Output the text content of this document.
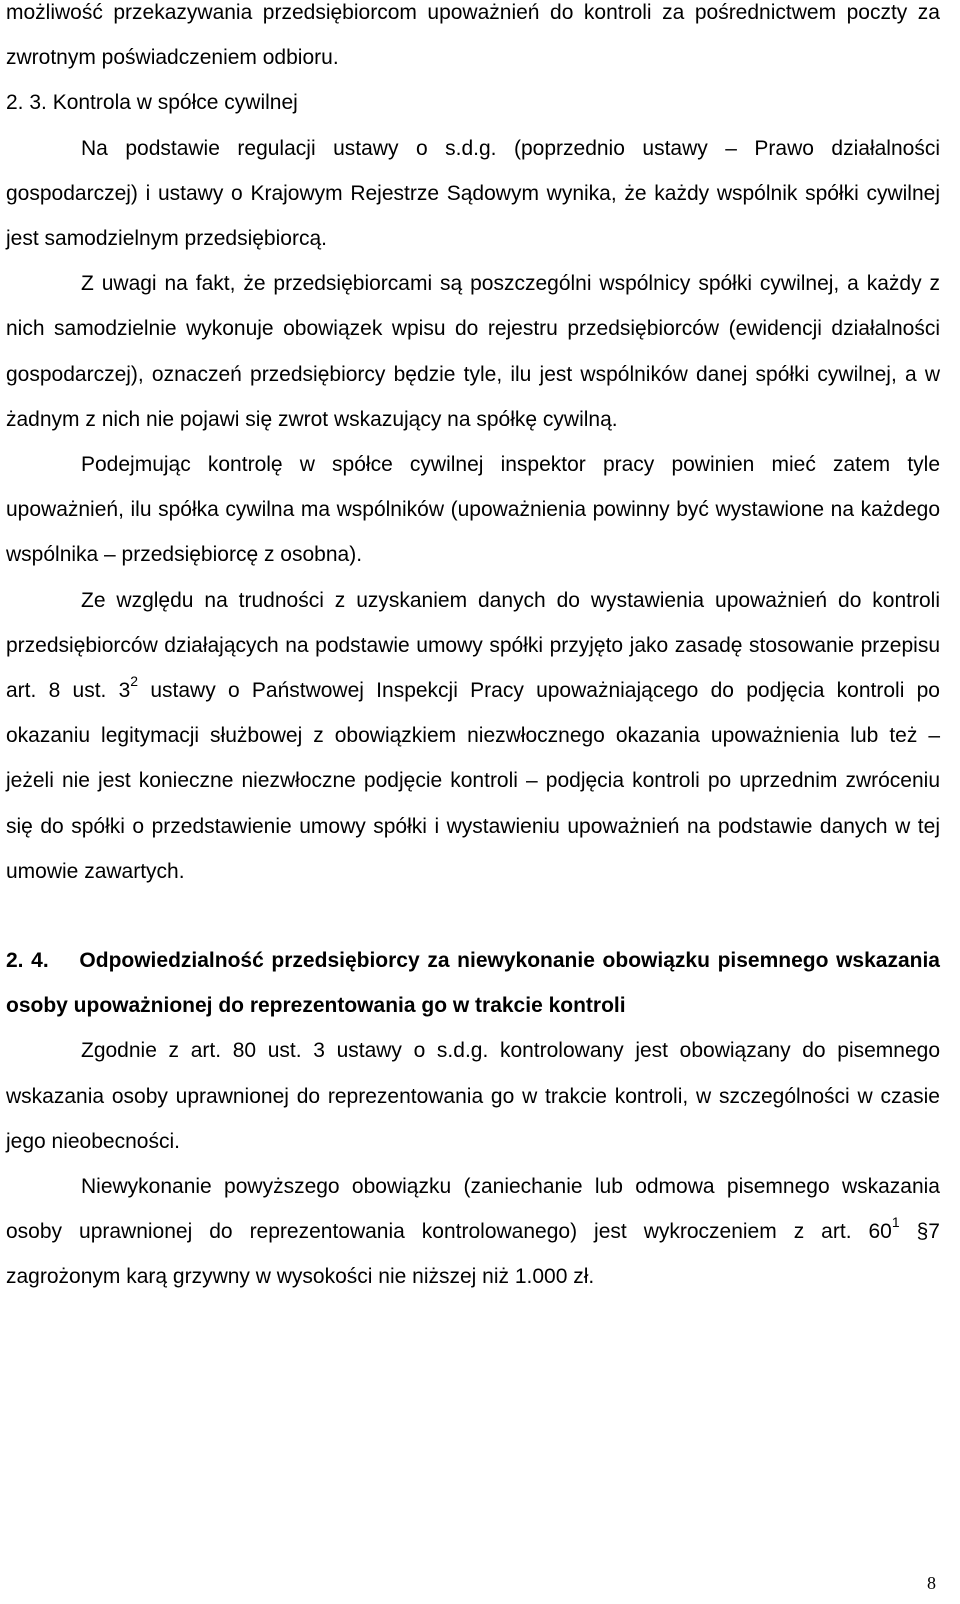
możliwość przekazywania przedsiębiorcom upoważnień do kontroli za pośrednictwem poczty za zwrotnym poświadczeniem odbioru.

2. 3. Kontrola w spółce cywilnej

Na podstawie regulacji ustawy o s.d.g. (poprzednio ustawy – Prawo działalności gospodarczej) i ustawy o Krajowym Rejestrze Sądowym wynika, że każdy wspólnik spółki cywilnej jest samodzielnym przedsiębiorcą.

Z uwagi na fakt, że przedsiębiorcami są poszczególni wspólnicy spółki cywilnej, a każdy z nich samodzielnie wykonuje obowiązek wpisu do rejestru przedsiębiorców (ewidencji działalności gospodarczej), oznaczeń przedsiębiorcy będzie tyle, ilu jest wspólników danej spółki cywilnej, a w żadnym z nich nie pojawi się zwrot wskazujący na spółkę cywilną.

Podejmując kontrolę w spółce cywilnej inspektor pracy powinien mieć zatem tyle upoważnień, ilu spółka cywilna ma wspólników (upoważnienia powinny być wystawione na każdego wspólnika – przedsiębiorcę z osobna).

Ze względu na trudności z uzyskaniem danych do wystawienia upoważnień do kontroli przedsiębiorców działających na podstawie umowy spółki przyjęto jako zasadę stosowanie przepisu art. 8 ust. $3^2$ ustawy o Państwowej Inspekcji Pracy upoważniającego do podjęcia kontroli po okazaniu legitymacji służbowej z obowiązkiem niezwłocznego okazania upoważnienia lub też – jeżeli nie jest konieczne niezwłoczne podjęcie kontroli – podjęcia kontroli po uprzednim zwróceniu się do spółki o przedstawienie umowy spółki i wystawieniu upoważnień na podstawie danych w tej umowie zawartych.

2. 4. Odpowiedzialność przedsiębiorcy za niewykonanie obowiązku pisemnego wskazania osoby upoważnionej do reprezentowania go w trakcie kontroli

Zgodnie z art. 80 ust. 3 ustawy o s.d.g. kontrolowany jest obowiązany do pisemnego wskazania osoby uprawnionej do reprezentowania go w trakcie kontroli, w szczególności w czasie jego nieobecności.

Niewykonanie powyższego obowiązku (zaniechanie lub odmowa pisemnego wskazania osoby uprawnionej do reprezentowania kontrolowanego) jest wykroczeniem z art. $60^1$ §7 zagrożonym karą grzywny w wysokości nie niższej niż 1.000 zł.

8
